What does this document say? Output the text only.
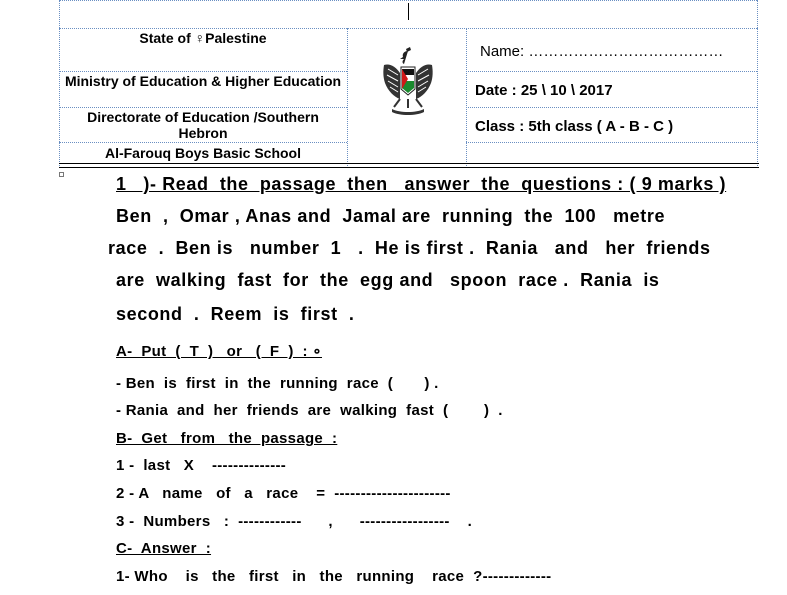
State of ♀Palestine
Ministry of Education & Higher Education
Directorate of Education /Southern Hebron
Al-Farouq Boys Basic School
Name: …………………………………
Date : 25 \ 10 \ 2017
Class : 5th class ( A - B - C )
1   )- Read  the  passage  then   answer  the  questions : ( 9 marks )
Ben  ,  Omar , Anas and  Jamal are  running  the  100   metre
race  .  Ben is   number  1   .  He is first .  Rania   and   her  friends
are  walking  fast  for  the  egg and   spoon  race .  Rania  is
second  .  Reem  is  first  .
A-  Put  (  T  )   or   (  F  )  : ∘
- Ben  is  first  in  the  running  race  (       ) .
- Rania  and  her  friends  are  walking  fast  (        )  .
B-  Get   from   the  passage  :
1 -  last   X    --------------
2 - A   name   of   a   race    =  ----------------------
3 -  Numbers   :  ------------      ,      -----------------    .
C-  Answer  :
1- Who    is   the   first   in   the   running    race  ?-------------
